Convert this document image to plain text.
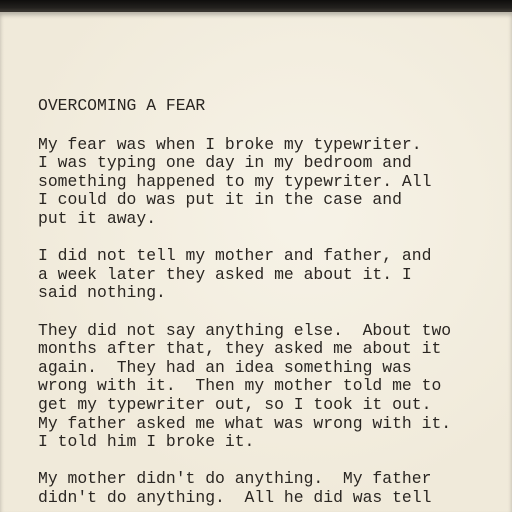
OVERCOMING A FEAR
My fear was when I broke my typewriter.
I was typing one day in my bedroom and
something happened to my typewriter. All
I could do was put it in the case and
put it away.
I did not tell my mother and father, and
a week later they asked me about it. I
said nothing.
They did not say anything else.  About two
months after that, they asked me about it
again.  They had an idea something was
wrong with it.  Then my mother told me to
get my typewriter out, so I took it out.
My father asked me what was wrong with it.
I told him I broke it.
My mother didn't do anything.  My father
didn't do anything.  All he did was tell
